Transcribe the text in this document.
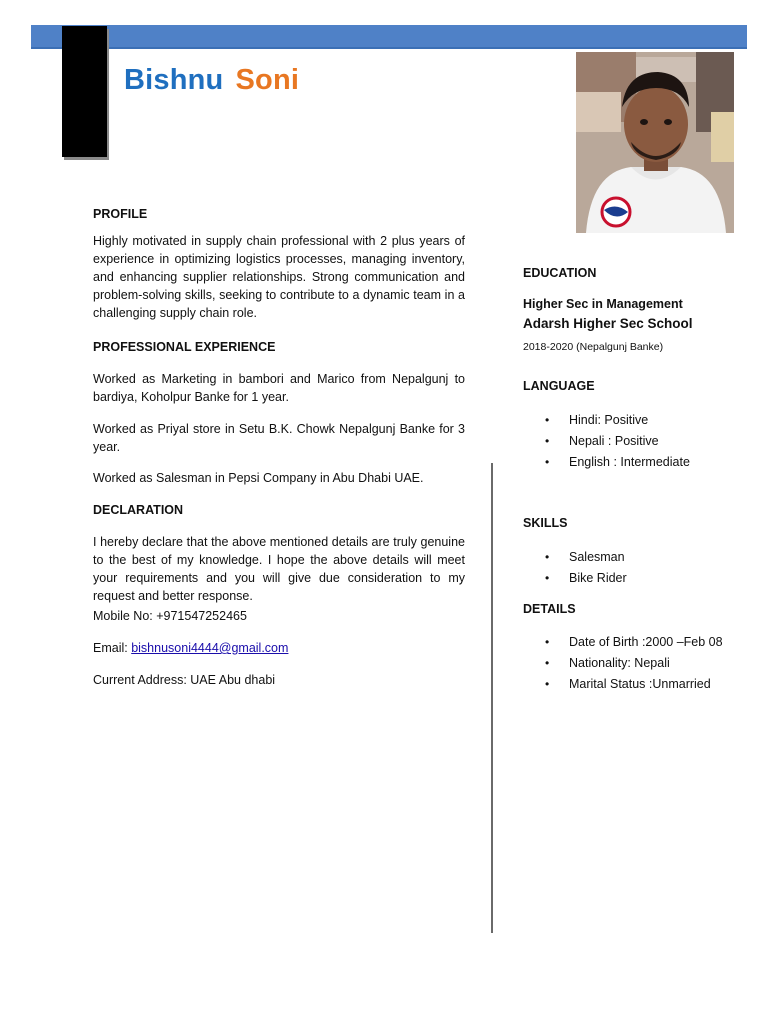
Bishnu Soni
PROFILE
Highly motivated in supply chain professional with 2 plus years of experience in optimizing logistics processes, managing inventory, and enhancing supplier relationships. Strong communication and problem-solving skills, seeking to contribute to a dynamic team in a challenging supply chain role.
PROFESSIONAL EXPERIENCE
Worked as Marketing in bambori and Marico from Nepalgunj to bardiya, Koholpur Banke for 1 year.
Worked as Priyal store in Setu B.K. Chowk Nepalgunj Banke for 3 year.
Worked as Salesman in Pepsi Company in Abu Dhabi UAE.
DECLARATION
I hereby declare that the above mentioned details are truly genuine to the best of my knowledge. I hope the above details will meet your requirements and you will give due consideration to my request and better response.
Mobile No: +971547252465
Email: bishnusoni4444@gmail.com
Current Address: UAE Abu dhabi
EDUCATION
Higher Sec in Management
Adarsh Higher Sec School
2018-2020 (Nepalgunj Banke)
LANGUAGE
• Hindi: Positive
• Nepali : Positive
• English : Intermediate
SKILLS
• Salesman
• Bike Rider
DETAILS
• Date of Birth :2000 –Feb 08
• Nationality: Nepali
• Marital Status :Unmarried
